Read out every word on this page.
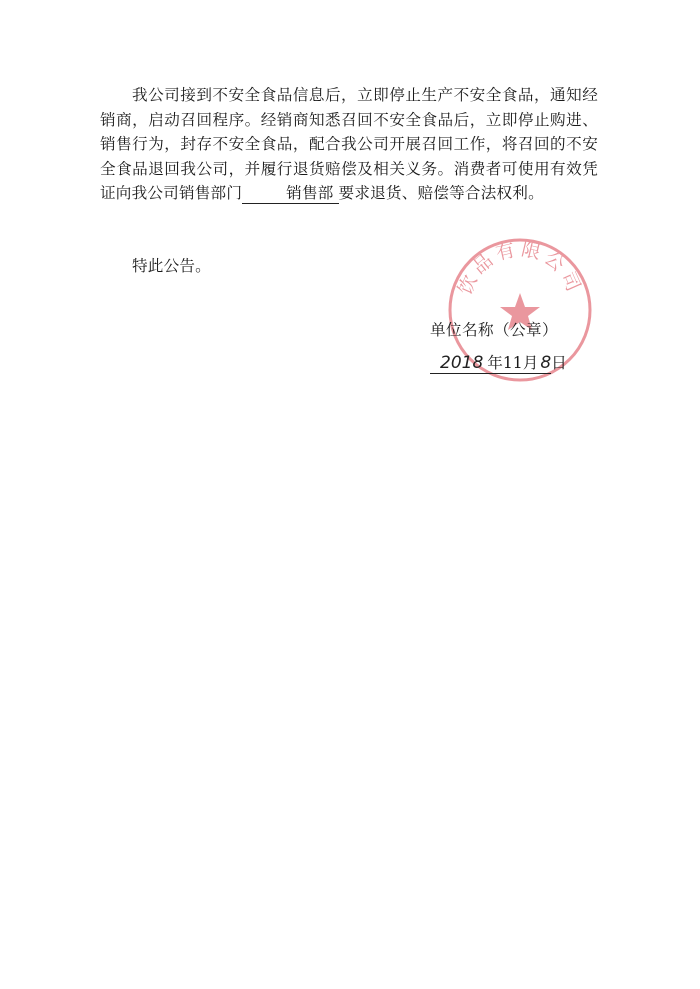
我公司接到不安全食品信息后，立即停止生产不安全食品，通知经销商，启动召回程序。经销商知悉召回不安全食品后，立即停止购进、销售行为，封存不安全食品，配合我公司开展召回工作，将召回的不安全食品退回我公司，并履行退货赔偿及相关义务。消费者可使用有效凭证向我公司销售部门	销售部 要求退货、赔偿等合法权利。
特此公告。
饮品有限公司
单位名称（公章）
2018 年11月 8日
